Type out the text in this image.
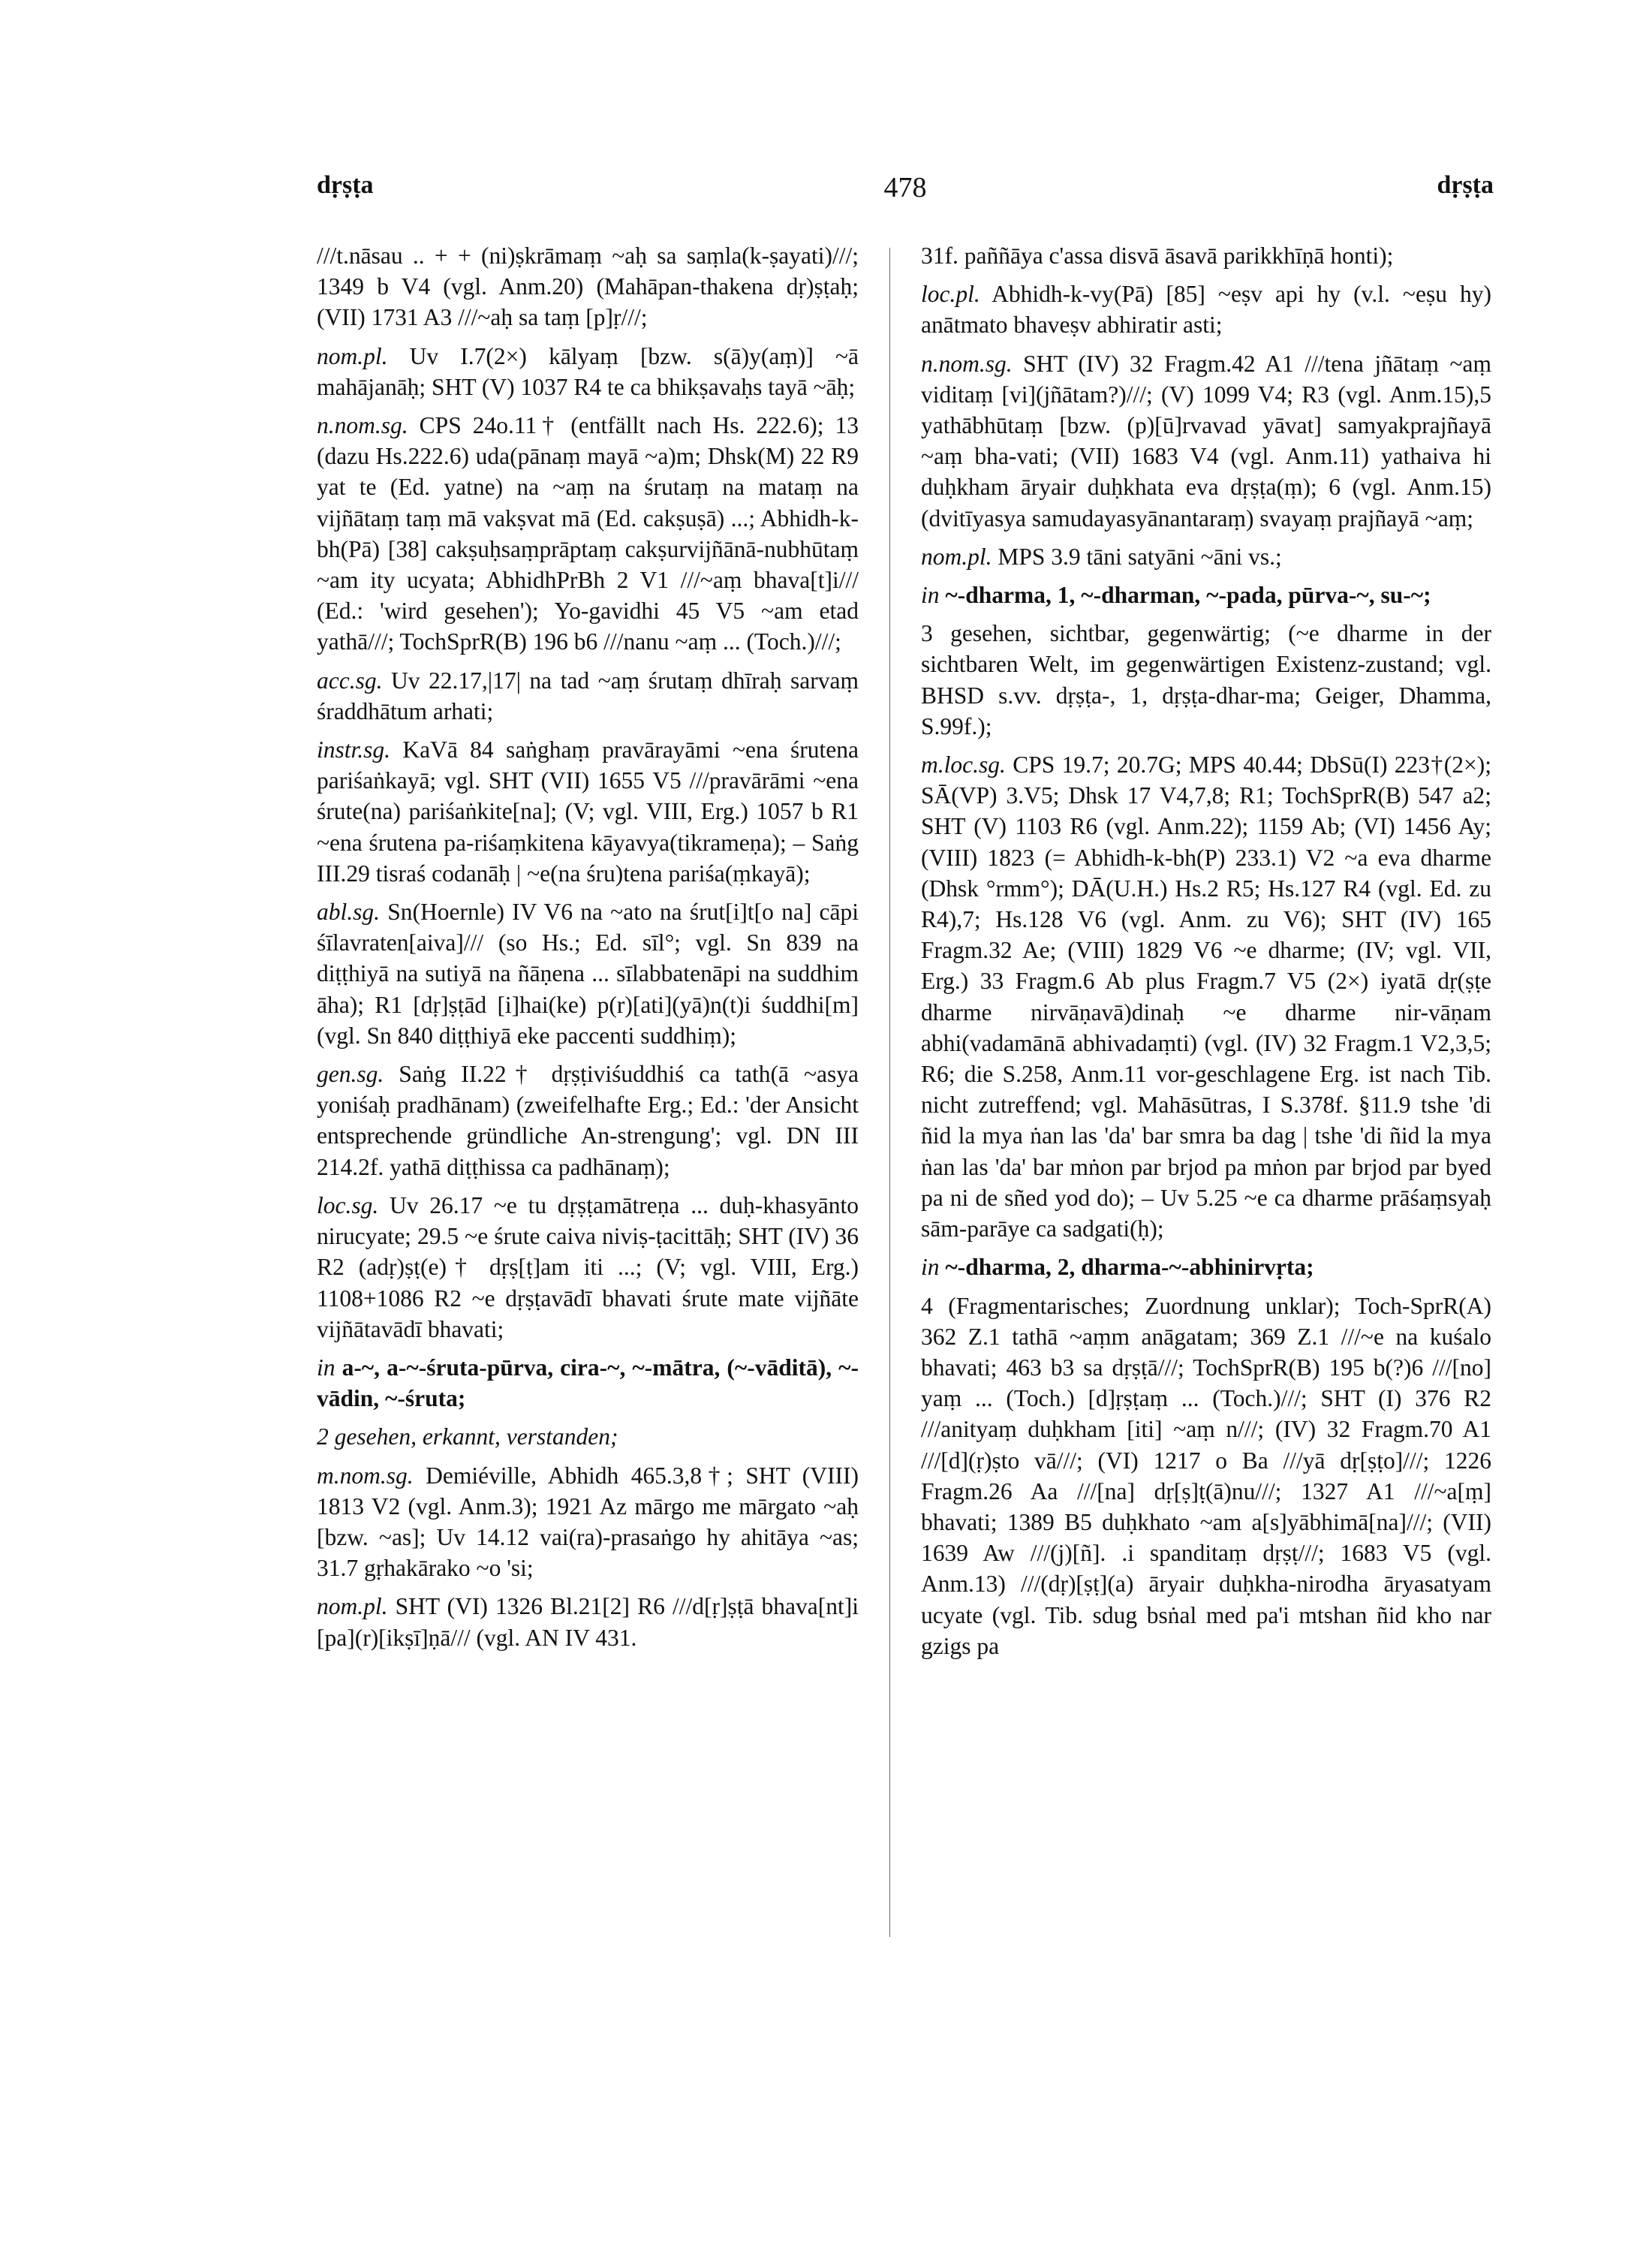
dṛṣṭa	478	dṛṣṭa

///t.nāsau .. + + (ni)ṣkrāmaṃ ~aḥ sa saṃla(k-ṣayati)///; 1349 b V4 (vgl. Anm.20) (Mahāpan-thakena dṛ)ṣṭaḥ; (VII) 1731 A3 ///~aḥ sa taṃ [p]ṛ///;

nom.pl. Uv I.7(2×) kālyaṃ [bzw. s(ā)y(aṃ)] ~ā mahājanāḥ; SHT (V) 1037 R4 te ca bhikṣavaḥs tayā ~āḥ;

n.nom.sg. CPS 24o.11† (entfällt nach Hs. 222.6); 13 (dazu Hs.222.6) uda(pānaṃ mayā ~a)m; Dhsk(M) 22 R9 yat te (Ed. yatne) na ~aṃ na śrutaṃ na mataṃ na vijñātaṃ taṃ mā vakṣvat mā (Ed. cakṣuṣā) ...; Abhidh-k-bh(Pā) [38] cakṣuḥsaṃprāptaṃ cakṣurvijñānā-nubhūtaṃ ~am ity ucyata; AbhidhPrBh 2 V1 ///~aṃ bhava[t]i/// (Ed.: 'wird gesehen'); Yo-gavidhi 45 V5 ~am etad yathā///; TochSprR(B) 196 b6 ///nanu ~aṃ ... (Toch.)///;

acc.sg. Uv 22.17,|17| na tad ~aṃ śrutaṃ dhīraḥ sarvaṃ śraddhātum arhati;

instr.sg. KaVā 84 saṅghaṃ pravārayāmi ~ena śrutena pariśaṅkayā; vgl. SHT (VII) 1655 V5 ///pravārāmi ~ena śrute(na) pariśaṅkite[na]; (V; vgl. VIII, Erg.) 1057 b R1 ~ena śrutena pa-riśaṃkitena kāyavya(tikrameṇa); – Saṅg III.29 tisraś codanāḥ | ~e(na śru)tena pariśa(ṃkayā);

abl.sg. Sn(Hoernle) IV V6 na ~ato na śrut[i]t[o na] cāpi śīlavraten[aiva]/// (so Hs.; Ed. sīl°; vgl. Sn 839 na diṭṭhiyā na sutiyā na ñāṇena ... sīlabbatenāpi na suddhim āha); R1 [dṛ]ṣṭād [i]hai(ke) p(r)[ati](yā)n(t)i śuddhi[m] (vgl. Sn 840 diṭṭhiyā eke paccenti suddhiṃ);

gen.sg. Saṅg II.22† dṛṣṭiviśuddhiś ca tath(ā ~asya yoniśaḥ pradhānam) (zweifelhafte Erg.; Ed.: 'der Ansicht entsprechende gründliche An-strengung'; vgl. DN III 214.2f. yathā diṭṭhissa ca padhānaṃ);

loc.sg. Uv 26.17 ~e tu dṛṣṭamātreṇa ... duḥ-khasyānto nirucyate; 29.5 ~e śrute caiva niviṣ-ṭacittāḥ; SHT (IV) 36 R2 (adṛ)ṣṭ(e)† dṛṣ[ṭ]am iti ...; (V; vgl. VIII, Erg.) 1108+1086 R2 ~e dṛṣṭavādī bhavati śrute mate vijñāte vijñātavādī bhavati;

in a-~, a-~-śruta-pūrva, cira-~, ~-mātra, (~-vāditā), ~-vādin, ~-śruta;

2 gesehen, erkannt, verstanden;

m.nom.sg. Demiéville, Abhidh 465.3,8†; SHT (VIII) 1813 V2 (vgl. Anm.3); 1921 Az mārgo me mārgato ~aḥ [bzw. ~as]; Uv 14.12 vai(ra)-prasaṅgo hy ahitāya ~as; 31.7 gṛhakārako ~o 'si;

nom.pl. SHT (VI) 1326 Bl.21[2] R6 ///d[ṛ]ṣṭā bhava[nt]i [pa](r)[ikṣī]ṇā/// (vgl. AN IV 431.

31f. paññāya c'assa disvā āsavā parikkhīṇā honti);

loc.pl. Abhidh-k-vy(Pā) [85] ~eṣv api hy (v.l. ~eṣu hy) anātmato bhaveṣv abhiratir asti;

n.nom.sg. SHT (IV) 32 Fragm.42 A1 ///tena jñātaṃ ~aṃ viditaṃ [vi](jñātam?)///; (V) 1099 V4; R3 (vgl. Anm.15),5 yathābhūtaṃ [bzw. (p)[ū]rvavad yāvat] samyakprajñayā ~aṃ bha-vati; (VII) 1683 V4 (vgl. Anm.11) yathaiva hi duḥkham āryair duḥkhata eva dṛṣṭa(ṃ); 6 (vgl. Anm.15) (dvitīyasya samudayasyānantaraṃ) svayaṃ prajñayā ~aṃ;

nom.pl. MPS 3.9 tāni satyāni ~āni vs.;

in ~-dharma, 1, ~-dharman, ~-pada, pūrva-~, su-~;

3 gesehen, sichtbar, gegenwärtig; (~e dharme in der sichtbaren Welt, im gegenwärtigen Existenz-zustand; vgl. BHSD s.vv. dṛṣṭa-, 1, dṛṣṭa-dhar-ma; Geiger, Dhamma, S.99f.);

m.loc.sg. CPS 19.7; 20.7G; MPS 40.44; DbSū(I) 223†(2×); SĀ(VP) 3.V5; Dhsk 17 V4,7,8; R1; TochSprR(B) 547 a2; SHT (V) 1103 R6 (vgl. Anm.22); 1159 Ab; (VI) 1456 Ay; (VIII) 1823 (= Abhidh-k-bh(P) 233.1) V2 ~a eva dharme (Dhsk °rmm°); DĀ(U.H.) Hs.2 R5; Hs.127 R4 (vgl. Ed. zu R4),7; Hs.128 V6 (vgl. Anm. zu V6); SHT (IV) 165 Fragm.32 Ae; (VIII) 1829 V6 ~e dharme; (IV; vgl. VII, Erg.) 33 Fragm.6 Ab plus Fragm.7 V5 (2×) iyatā dṛ(ṣṭe dharme nirvāṇavā)dinaḥ ~e dharme nir-vāṇam abhi(vadamānā abhivadaṃti) (vgl. (IV) 32 Fragm.1 V2,3,5; R6; die S.258, Anm.11 vor-geschlagene Erg. ist nach Tib. nicht zutreffend; vgl. Mahāsūtras, I S.378f. §11.9 tshe 'di ñid la mya ṅan las 'da' bar smra ba dag | tshe 'di ñid la mya ṅan las 'da' bar mṅon par brjod pa mṅon par brjod par byed pa ni de sñed yod do); – Uv 5.25 ~e ca dharme prāśaṃsyaḥ sām-parāye ca sadgati(ḥ);

in ~-dharma, 2, dharma-~-abhinirvṛta;

4 (Fragmentarisches; Zuordnung unklar); Toch-SprR(A) 362 Z.1 tathā ~aṃm anāgatam; 369 Z.1 ///~e na kuśalo bhavati; 463 b3 sa dṛṣṭā///; TochSprR(B) 195 b(?)6 ///[no] yaṃ ... (Toch.) [d]ṛṣṭaṃ ... (Toch.)///; SHT (I) 376 R2 ///anityaṃ duḥkham [iti] ~aṃ n///; (IV) 32 Fragm.70 A1 ///[d](ṛ)ṣto vā///; (VI) 1217 o Ba ///yā dṛ[ṣṭo]///; 1226 Fragm.26 Aa ///[na] dṛ[ṣ]ṭ(ā)nu///; 1327 A1 ///~a[ṃ] bhavati; 1389 B5 duḥkhato ~am a[s]yābhimā[na]///; (VII) 1639 Aw ///(j)[ñ]. .i spanditaṃ dṛṣṭ///; 1683 V5 (vgl. Anm.13) ///(dṛ)[ṣṭ](a) āryair duḥkha-nirodha āryasatyam ucyate (vgl. Tib. sdug bsṅal med pa'i mtshan ñid kho nar gzigs pa
